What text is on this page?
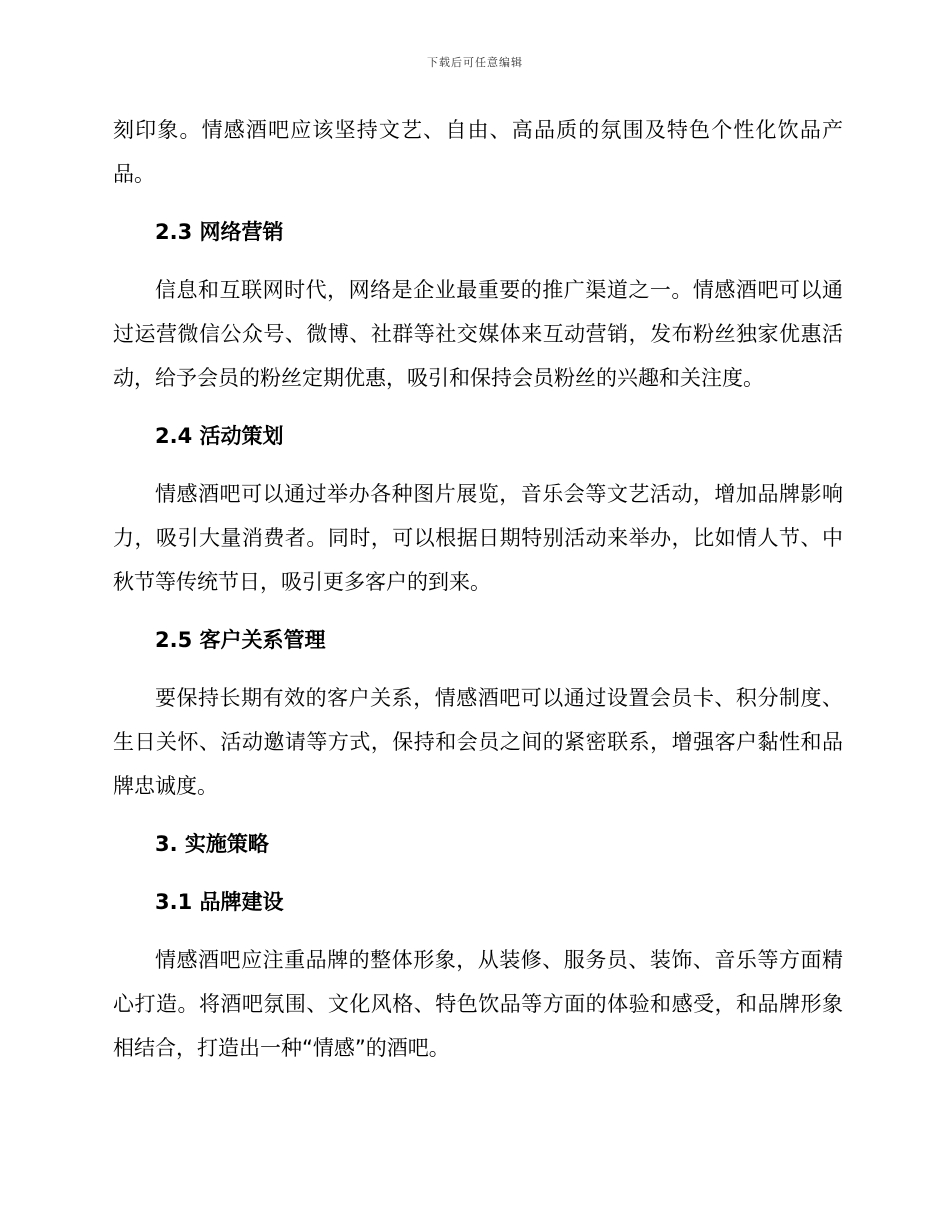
下载后可任意编辑

刻印象。情感酒吧应该坚持文艺、自由、高品质的氛围及特色个性化饮品产品。

2.3 网络营销

信息和互联网时代，网络是企业最重要的推广渠道之一。情感酒吧可以通过运营微信公众号、微博、社群等社交媒体来互动营销，发布粉丝独家优惠活动，给予会员的粉丝定期优惠，吸引和保持会员粉丝的兴趣和关注度。

2.4 活动策划

情感酒吧可以通过举办各种图片展览，音乐会等文艺活动，增加品牌影响力，吸引大量消费者。同时，可以根据日期特别活动来举办，比如情人节、中秋节等传统节日，吸引更多客户的到来。

2.5 客户关系管理

要保持长期有效的客户关系，情感酒吧可以通过设置会员卡、积分制度、生日关怀、活动邀请等方式，保持和会员之间的紧密联系，增强客户黏性和品牌忠诚度。

3. 实施策略
3.1 品牌建设

情感酒吧应注重品牌的整体形象，从装修、服务员、装饰、音乐等方面精心打造。将酒吧氛围、文化风格、特色饮品等方面的体验和感受，和品牌形象相结合，打造出一种“情感”的酒吧。
